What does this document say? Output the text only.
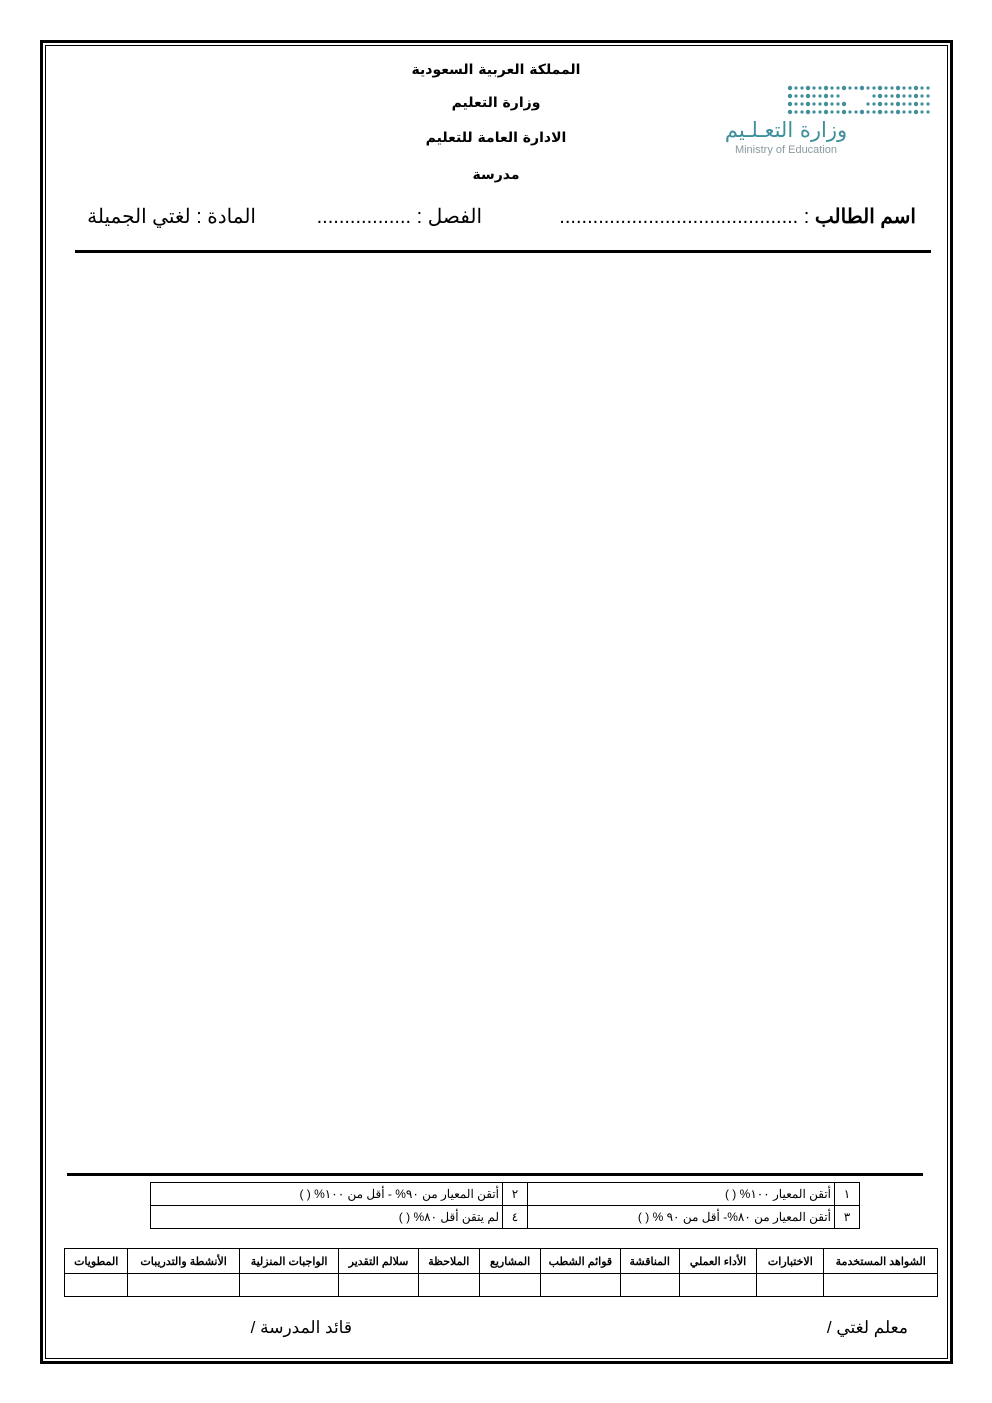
المملكة العربية السعودية
وزارة التعليم
الادارة العامة للتعليم
مدرسة
وزارة التعـلـيم
Ministry of Education
اسم الطالب : ...........................................
الفصل : .................
المادة : لغتي الجميلة
١	أتقن المعيار ١٠٠% ( )	٢	أتقن المعيار من ٩٠% - أقل من ١٠٠% ( )
٣	أتقن المعيار من ٨٠%- أقل من ٩٠ % ( )	٤	لم يتقن أقل ٨٠% ( )
الشواهد المستخدمة	الاختبارات	الأداء العملي	المناقشة	قوائم الشطب	المشاريع	الملاحظة	سلالم التقدير	الواجبات المنزلية	الأنشطة والتدريبات	المطويات

معلم لغتي /
قائد المدرسة /
